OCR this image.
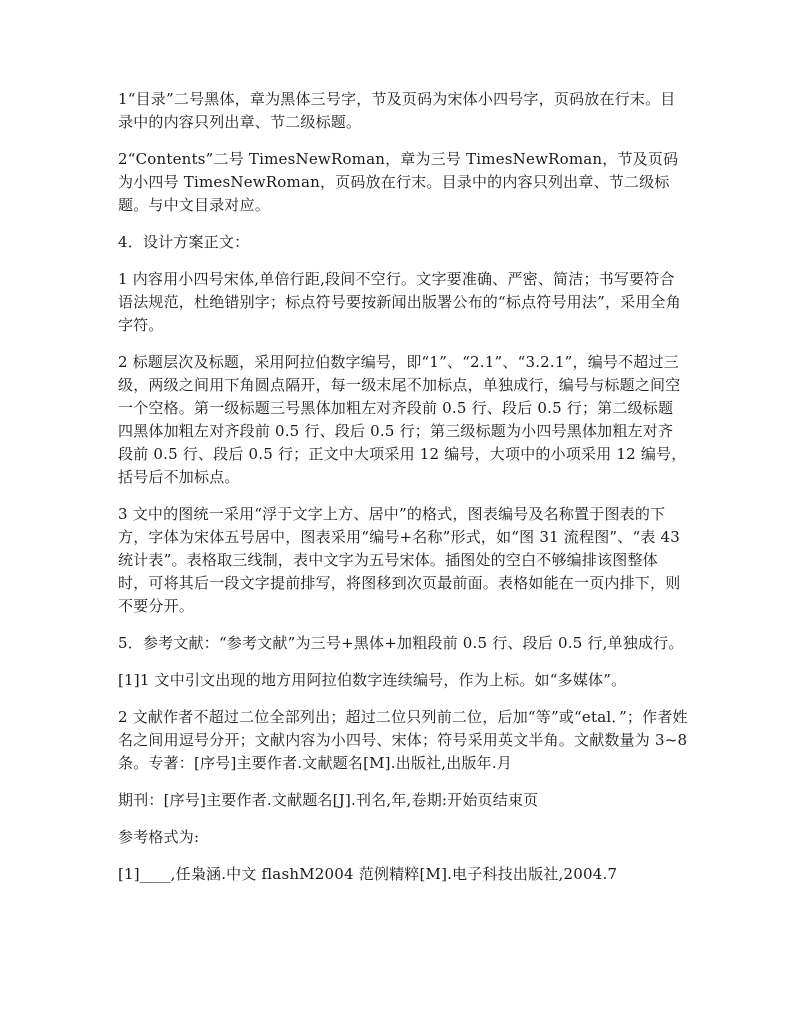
1“目录”二号黑体，章为黑体三号字，节及页码为宋体小四号字，页码放在行末。目录中的内容只列出章、节二级标题。

2“Contents”二号 TimesNewRoman，章为三号 TimesNewRoman，节及页码为小四号 TimesNewRoman，页码放在行末。目录中的内容只列出章、节二级标题。与中文目录对应。

4．设计方案正文：

1 内容用小四号宋体,单倍行距,段间不空行。文字要准确、严密、简洁；书写要符合语法规范，杜绝错别字；标点符号要按新闻出版署公布的“标点符号用法”，采用全角字符。

2 标题层次及标题，采用阿拉伯数字编号，即“1”、“2.1”、“3.2.1”，编号不超过三级，两级之间用下角圆点隔开，每一级末尾不加标点，单独成行，编号与标题之间空一个空格。第一级标题三号黑体加粗左对齐段前 0.5 行、段后 0.5 行；第二级标题四黑体加粗左对齐段前 0.5 行、段后 0.5 行；第三级标题为小四号黑体加粗左对齐段前 0.5 行、段后 0.5 行；正文中大项采用 12 编号，大项中的小项采用 12 编号，括号后不加标点。

3 文中的图统一采用“浮于文字上方、居中”的格式，图表编号及名称置于图表的下方，字体为宋体五号居中，图表采用“编号+名称”形式，如“图 31 流程图”、“表 43 统计表”。表格取三线制，表中文字为五号宋体。插图处的空白不够编排该图整体时，可将其后一段文字提前排写，将图移到次页最前面。表格如能在一页内排下，则不要分开。

5．参考文献：“参考文献”为三号+黑体+加粗段前 0.5 行、段后 0.5 行,单独成行。

[1]1 文中引文出现的地方用阿拉伯数字连续编号，作为上标。如“多媒体”。

2 文献作者不超过二位全部列出；超过二位只列前二位，后加“等”或“etal．”；作者姓名之间用逗号分开；文献内容为小四号、宋体；符号采用英文半角。文献数量为 3~8 条。专著：[序号]主要作者.文献题名[M].出版社,出版年.月

期刊：[序号]主要作者.文献题名[J].刊名,年,卷期:开始页结束页

参考格式为:

[1]____,任枭涵.中文 flashM2004 范例精粹[M].电子科技出版社,2004.7
